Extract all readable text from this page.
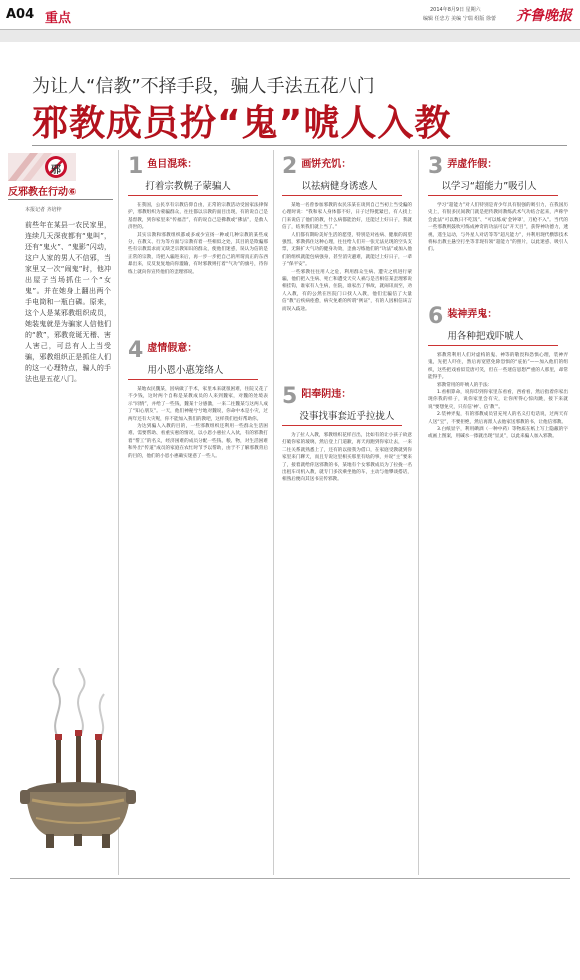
A04 重点
2014年8月9日 星期六
编辑 任忠方 美编 宁瑞 组版 徐蕾 齐鲁晚报
为让人“信教”不择手段，骗人手法五花八门
邪教成员扮“鬼”唬人入教
邪
反邪教在行动⑥
本报记者 齐培梓
前些年在某县一农民家里，连续几天深夜都有“鬼叫”，还有“鬼火”、“鬼影”闪动，这户人家的男人不信邪，当家里又一次“闹鬼”时，他冲出屋子当场抓住一个“女鬼”。并在她身上翻出两个手电筒和一瓶白磷。原来，这个人是某邪教组织成员，她装鬼就是为骗家人信他们的“教”，邪教竞诞无稽、害人害己，可总有人上当受骗，邪教组织正是抓住人们的这一心理特点，骗人的手法也是五花八门。
1 鱼目混珠：
打着宗教幌子蒙骗人

在我国，公民享有宗教信仰自由，正常的宗教活动受国家法律保护，邪教组织为蒙骗群众，往往都以宗教的面目出现，有的说自己是基督教，到你家里来“传福音”，有的说自己是佛教或“佛法”，是救人济世的。

其实宗教和邪教组织都或多或少宣扬一种或几种宗教的某些成分，在教义、行为等方面与宗教有着一些相似之处，其目的是欺骗那些有宗教需求而又缺乏宗教知识的群众，使他们迷惑，误认为信的是正常的宗教，诗把入骗进来后，再一步一步把自己的所谓真正的东西暴出来，反反复复地向你灌输，有时邪教则打着“气功”的旗号，待你练上就向你宣传他们的歪理邪说。

4 虚情假意：
用小恩小惠笼络人

某地农民魏某，因病做了手术，家里本来就很困难，住院又花了不少钱，这时两个自称是某教成员的人来到魏家，对魏的处境表示“同情”，并给了一些钱，魏某十分感激，一来二往魏某与这两人成了“知心朋友”。一天，他们神秘兮兮地对魏说，你命中本是小灾，过两年还有大灾呢，你不能加入我们的教吧，这样我们也好帮助你。

为达到骗人入教的目的，一些邪教组织还利用一些群众生活困难、需要帮助、看重实惠的情况，以小恩小惠拉人入伙，有的邪教打着“帮工”的名义，经济困难的成员分配一些钱、粮、物，对生活困难和外出“传道”成员的家庭在农忙时节予以帮助，由于不了解邪教背后的目的，他们的小恩小惠确实迷惑了一些人。

2 画饼充饥：
以祛病健身诱惑人

某地一名曾参加邪教的农民乐某在谈到自己当初上当受骗的心理时说：“我和家人身体都不好，日子过得挺紧巴，有人找上门来说信了他们的教，什么病都能治好，还能过上好日子，我就信了，结果我们就上当了。”

人们都有期盼美好生活的愿望，特别是对祛病、健康的渴望强烈，邪教抓住这种心理，往往给人们开一张无法兑现的空头支票，无限扩大气功的健身功效，歪曲习练他们的“功法”或加入他们的组织就能包病强身，甚至消灾避难，就能过上好日子，一辈子“保平安”。

一些邪教往往用人之危，利用群众生病、遭灾之机进行蒙骗，他们把入生病、死亡和遭受天灾人祸与是否相信某歪理邪说相挂钩，谁家有人生病，住院，谁家出了事故，就闹讯而至，劝人入教，有的公然在医院门口找人入教，他们宏骗信了大量信“教”后疾病痊愈，病灾免难的所谓“例证”，有的人因相信该言而误入歧途。

5 阳奉阴违：
没事找事套近乎拉拢人

为了拉人入教，邪教组织花样百出，比如有的让小孩子故意打破你家的玻璃，然后登上门道歉，再天再跑到你家让去，一来二往关系就熟悉上了，还有的以接我为借口，在家庭受教就到你家里来门聊天，而且专说这里相买那里有啥的事，并说“主”要来了，接着就给你送邪教的书，某地有个女邪教成员为了拉拢一名出租车司机入教，就专门多次乘坐他的车，主动与他攀谈搭话，相熟后便向其送书宣传邪教。

3 弄虚作假：
以学习“超能力”吸引人

学习“超能力”对人们特别是青少年具有很强的吸引力，在我国历史上，有很多民间教门就是把传教同教练武术气功结合起来，声称学会此法“可以数日不吃饭”、“可以练成‘金钟罩’，刀枪不入”。当代的一些邪教则鼓吹可练成神奇的功法可以“开天目”，获得神功德力，透视，遥生运动，与外星人对话等等“超凡能力”，并利用现代横影技术将标出教主悬空打坐等非现有领“超能力”的照片，以此迷惑、吸引人们。

6 装神弄鬼：
用各种把戏吓唬人

邪教常利用人们对虚构的鬼、神等的敬畏和恐惧心理，装神弄鬼，先把人吓住，然后再宽慰免除恐惧的“庇佑”——加入他们的组织，这些把戏看似荒唐可笑，但在一些迷信思想严重的人那里，却常能得手。

邪教常用的吓唬人的手法：

1.看相算命，说你印到你家里东看看，西看看，然后指着你家出现你我的样子，说你家里会有灾，让你所得心惊肉跳，接下来就说“要想免灾，只有信‘神’、信‘教’”。

2.装神弄鬼，有的邪教成员冒充死人的名义打电话说，过两天有人送“宝”，不要拒绝，然后再派人去他家送邪教的书，让他信邪教。

3.白纸显字，利用碘酒（一种中药）等物质在纸上写上隐蔽的字或画上图案，用碱水一擦就出现“显灵”，以此来骗人加入邪教。
